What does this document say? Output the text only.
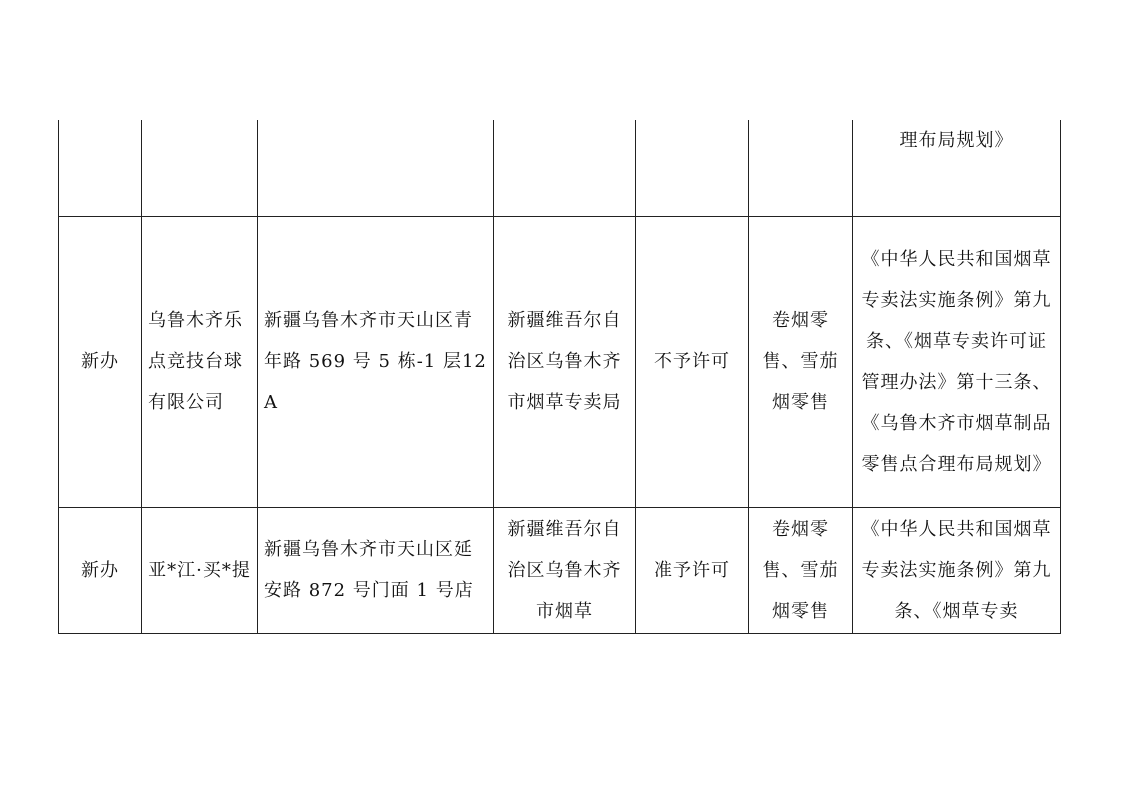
						理布局规划》

新办	乌鲁木齐乐点竞技台球有限公司	新疆乌鲁木齐市天山区青年路 569 号 5 栋-1 层12A	新疆维吾尔自治区乌鲁木齐市烟草专卖局	不予许可	卷烟零售、雪茄烟零售	《中华人民共和国烟草专卖法实施条例》第九条、《烟草专卖许可证管理办法》第十三条、《乌鲁木齐市烟草制品零售点合理布局规划》
新办	亚*江·买*提	新疆乌鲁木齐市天山区延安路 872 号门面 1 号店	新疆维吾尔自治区乌鲁木齐市烟草	准予许可	卷烟零售、雪茄烟零售	《中华人民共和国烟草专卖法实施条例》第九条、《烟草专卖
